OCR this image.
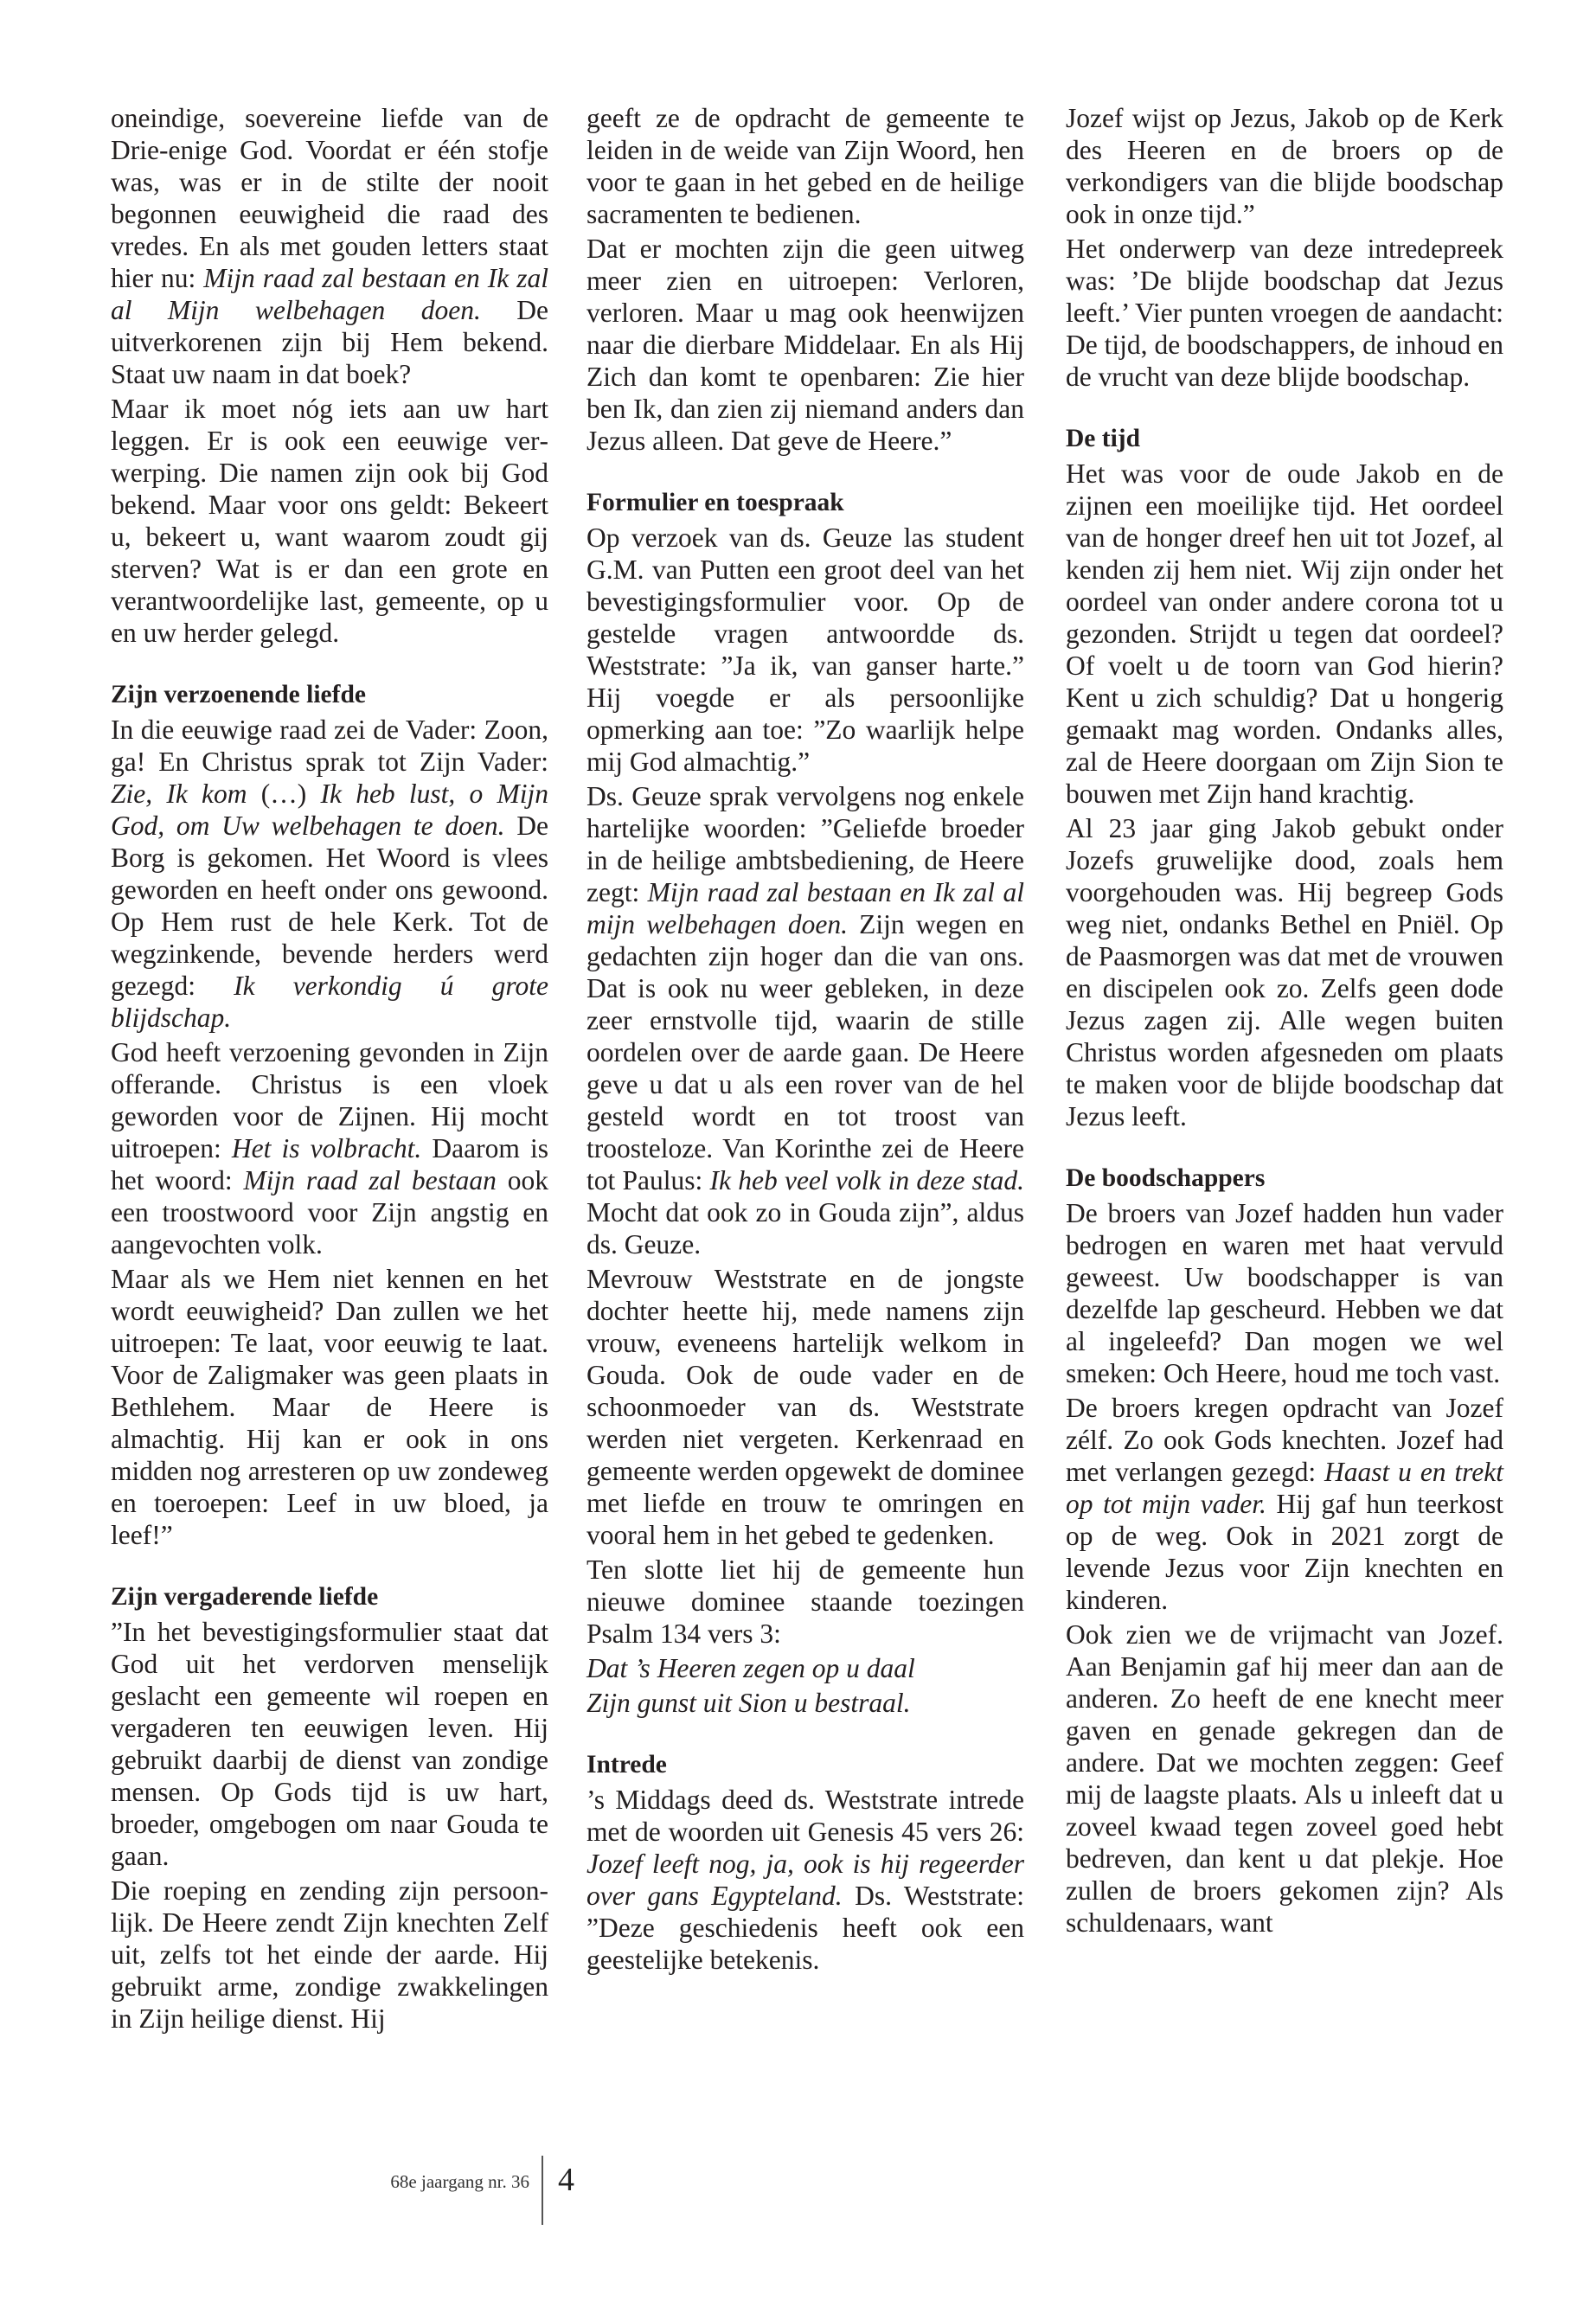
oneindige, soevereine liefde van de Drie-enige God. Voordat er één stofje was, was er in de stilte der nooit begonnen eeuwigheid die raad des vredes. En als met gouden letters staat hier nu: Mijn raad zal bestaan en Ik zal al Mijn welbehagen doen. De uitverkorenen zijn bij Hem bekend. Staat uw naam in dat boek?

Maar ik moet nóg iets aan uw hart leggen. Er is ook een eeuwige verwerping. Die namen zijn ook bij God bekend. Maar voor ons geldt: Bekeert u, bekeert u, want waarom zoudt gij sterven? Wat is er dan een grote en verantwoordelijke last, gemeente, op u en uw herder gelegd.

Zijn verzoenende liefde

In die eeuwige raad zei de Vader: Zoon, ga! En Christus sprak tot Zijn Vader: Zie, Ik kom (…) Ik heb lust, o Mijn God, om Uw welbehagen te doen. De Borg is gekomen. Het Woord is vlees geworden en heeft onder ons gewoond. Op Hem rust de hele Kerk. Tot de wegzinkende, bevende herders werd gezegd: Ik verkondig ú grote blijdschap.

God heeft verzoening gevonden in Zijn offerande. Christus is een vloek geworden voor de Zijnen. Hij mocht uitroepen: Het is volbracht. Daarom is het woord: Mijn raad zal bestaan ook een troostwoord voor Zijn angstig en aangevochten volk.

Maar als we Hem niet kennen en het wordt eeuwigheid? Dan zullen we het uitroepen: Te laat, voor eeuwig te laat. Voor de Zaligmaker was geen plaats in Bethlehem. Maar de Heere is almachtig. Hij kan er ook in ons midden nog arresteren op uw zondeweg en toeroepen: Leef in uw bloed, ja leef!”

Zijn vergaderende liefde

”In het bevestigingsformulier staat dat God uit het verdorven menselijk geslacht een gemeente wil roepen en vergaderen ten eeuwigen leven. Hij gebruikt daarbij de dienst van zondige mensen. Op Gods tijd is uw hart, broeder, omgebogen om naar Gouda te gaan.

Die roeping en zending zijn persoonlijk. De Heere zendt Zijn knechten Zelf uit, zelfs tot het einde der aarde. Hij gebruikt arme, zondige zwakkelingen in Zijn heilige dienst. Hij

geeft ze de opdracht de gemeente te leiden in de weide van Zijn Woord, hen voor te gaan in het gebed en de heilige sacramenten te bedienen.

Dat er mochten zijn die geen uitweg meer zien en uitroepen: Verloren, verloren. Maar u mag ook heenwijzen naar die dierbare Middelaar. En als Hij Zich dan komt te openbaren: Zie hier ben Ik, dan zien zij niemand anders dan Jezus alleen. Dat geve de Heere.”

Formulier en toespraak

Op verzoek van ds. Geuze las student G.M. van Putten een groot deel van het bevestigingsformulier voor. Op de gestelde vragen antwoordde ds. Weststrate: ”Ja ik, van ganser harte.” Hij voegde er als persoonlijke opmerking aan toe: ”Zo waarlijk helpe mij God almachtig.”

Ds. Geuze sprak vervolgens nog enkele hartelijke woorden: ”Geliefde broeder in de heilige ambtsbediening, de Heere zegt: Mijn raad zal bestaan en Ik zal al mijn welbehagen doen. Zijn wegen en gedachten zijn hoger dan die van ons. Dat is ook nu weer gebleken, in deze zeer ernstvolle tijd, waarin de stille oordelen over de aarde gaan. De Heere geve u dat u als een rover van de hel gesteld wordt en tot troost van troosteloze. Van Korinthe zei de Heere tot Paulus: Ik heb veel volk in deze stad. Mocht dat ook zo in Gouda zijn”, aldus ds. Geuze.

Mevrouw Weststrate en de jongste dochter heette hij, mede namens zijn vrouw, eveneens hartelijk welkom in Gouda. Ook de oude vader en de schoonmoeder van ds. Weststrate werden niet vergeten. Kerkenraad en gemeente werden opgewekt de dominee met liefde en trouw te omringen en vooral hem in het gebed te gedenken.

Ten slotte liet hij de gemeente hun nieuwe dominee staande toezingen Psalm 134 vers 3:

Dat ’s Heeren zegen op u daal

Zijn gunst uit Sion u bestraal.

Intrede

’s Middags deed ds. Weststrate intrede met de woorden uit Genesis 45 vers 26: Jozef leeft nog, ja, ook is hij regeerder over gans Egypteland. Ds. Weststrate: ”Deze geschiedenis heeft ook een geestelijke betekenis.

Jozef wijst op Jezus, Jakob op de Kerk des Heeren en de broers op de verkondigers van die blijde boodschap ook in onze tijd.”

Het onderwerp van deze intredepreek was: ’De blijde boodschap dat Jezus leeft.’ Vier punten vroegen de aandacht: De tijd, de boodschappers, de inhoud en de vrucht van deze blijde boodschap.

De tijd

Het was voor de oude Jakob en de zijnen een moeilijke tijd. Het oordeel van de honger dreef hen uit tot Jozef, al kenden zij hem niet. Wij zijn onder het oordeel van onder andere corona tot u gezonden. Strijdt u tegen dat oordeel? Of voelt u de toorn van God hierin? Kent u zich schuldig? Dat u hongerig gemaakt mag worden. Ondanks alles, zal de Heere doorgaan om Zijn Sion te bouwen met Zijn hand krachtig.

Al 23 jaar ging Jakob gebukt onder Jozefs gruwelijke dood, zoals hem voorgehouden was. Hij begreep Gods weg niet, ondanks Bethel en Pniël. Op de Paasmorgen was dat met de vrouwen en discipelen ook zo. Zelfs geen dode Jezus zagen zij. Alle wegen buiten Christus worden afgesneden om plaats te maken voor de blijde boodschap dat Jezus leeft.

De boodschappers

De broers van Jozef hadden hun vader bedrogen en waren met haat vervuld geweest. Uw boodschapper is van dezelfde lap gescheurd. Hebben we dat al ingeleefd? Dan mogen we wel smeken: Och Heere, houd me toch vast.

De broers kregen opdracht van Jozef zélf. Zo ook Gods knechten. Jozef had met verlangen gezegd: Haast u en trekt op tot mijn vader. Hij gaf hun teerkost op de weg. Ook in 2021 zorgt de levende Jezus voor Zijn knechten en kinderen.

Ook zien we de vrijmacht van Jozef. Aan Benjamin gaf hij meer dan aan de anderen. Zo heeft de ene knecht meer gaven en genade gekregen dan de andere. Dat we mochten zeggen: Geef mij de laagste plaats. Als u inleeft dat u zoveel kwaad tegen zoveel goed hebt bedreven, dan kent u dat plekje. Hoe zullen de broers gekomen zijn? Als schuldenaars, want

68e jaargang nr. 36 4
